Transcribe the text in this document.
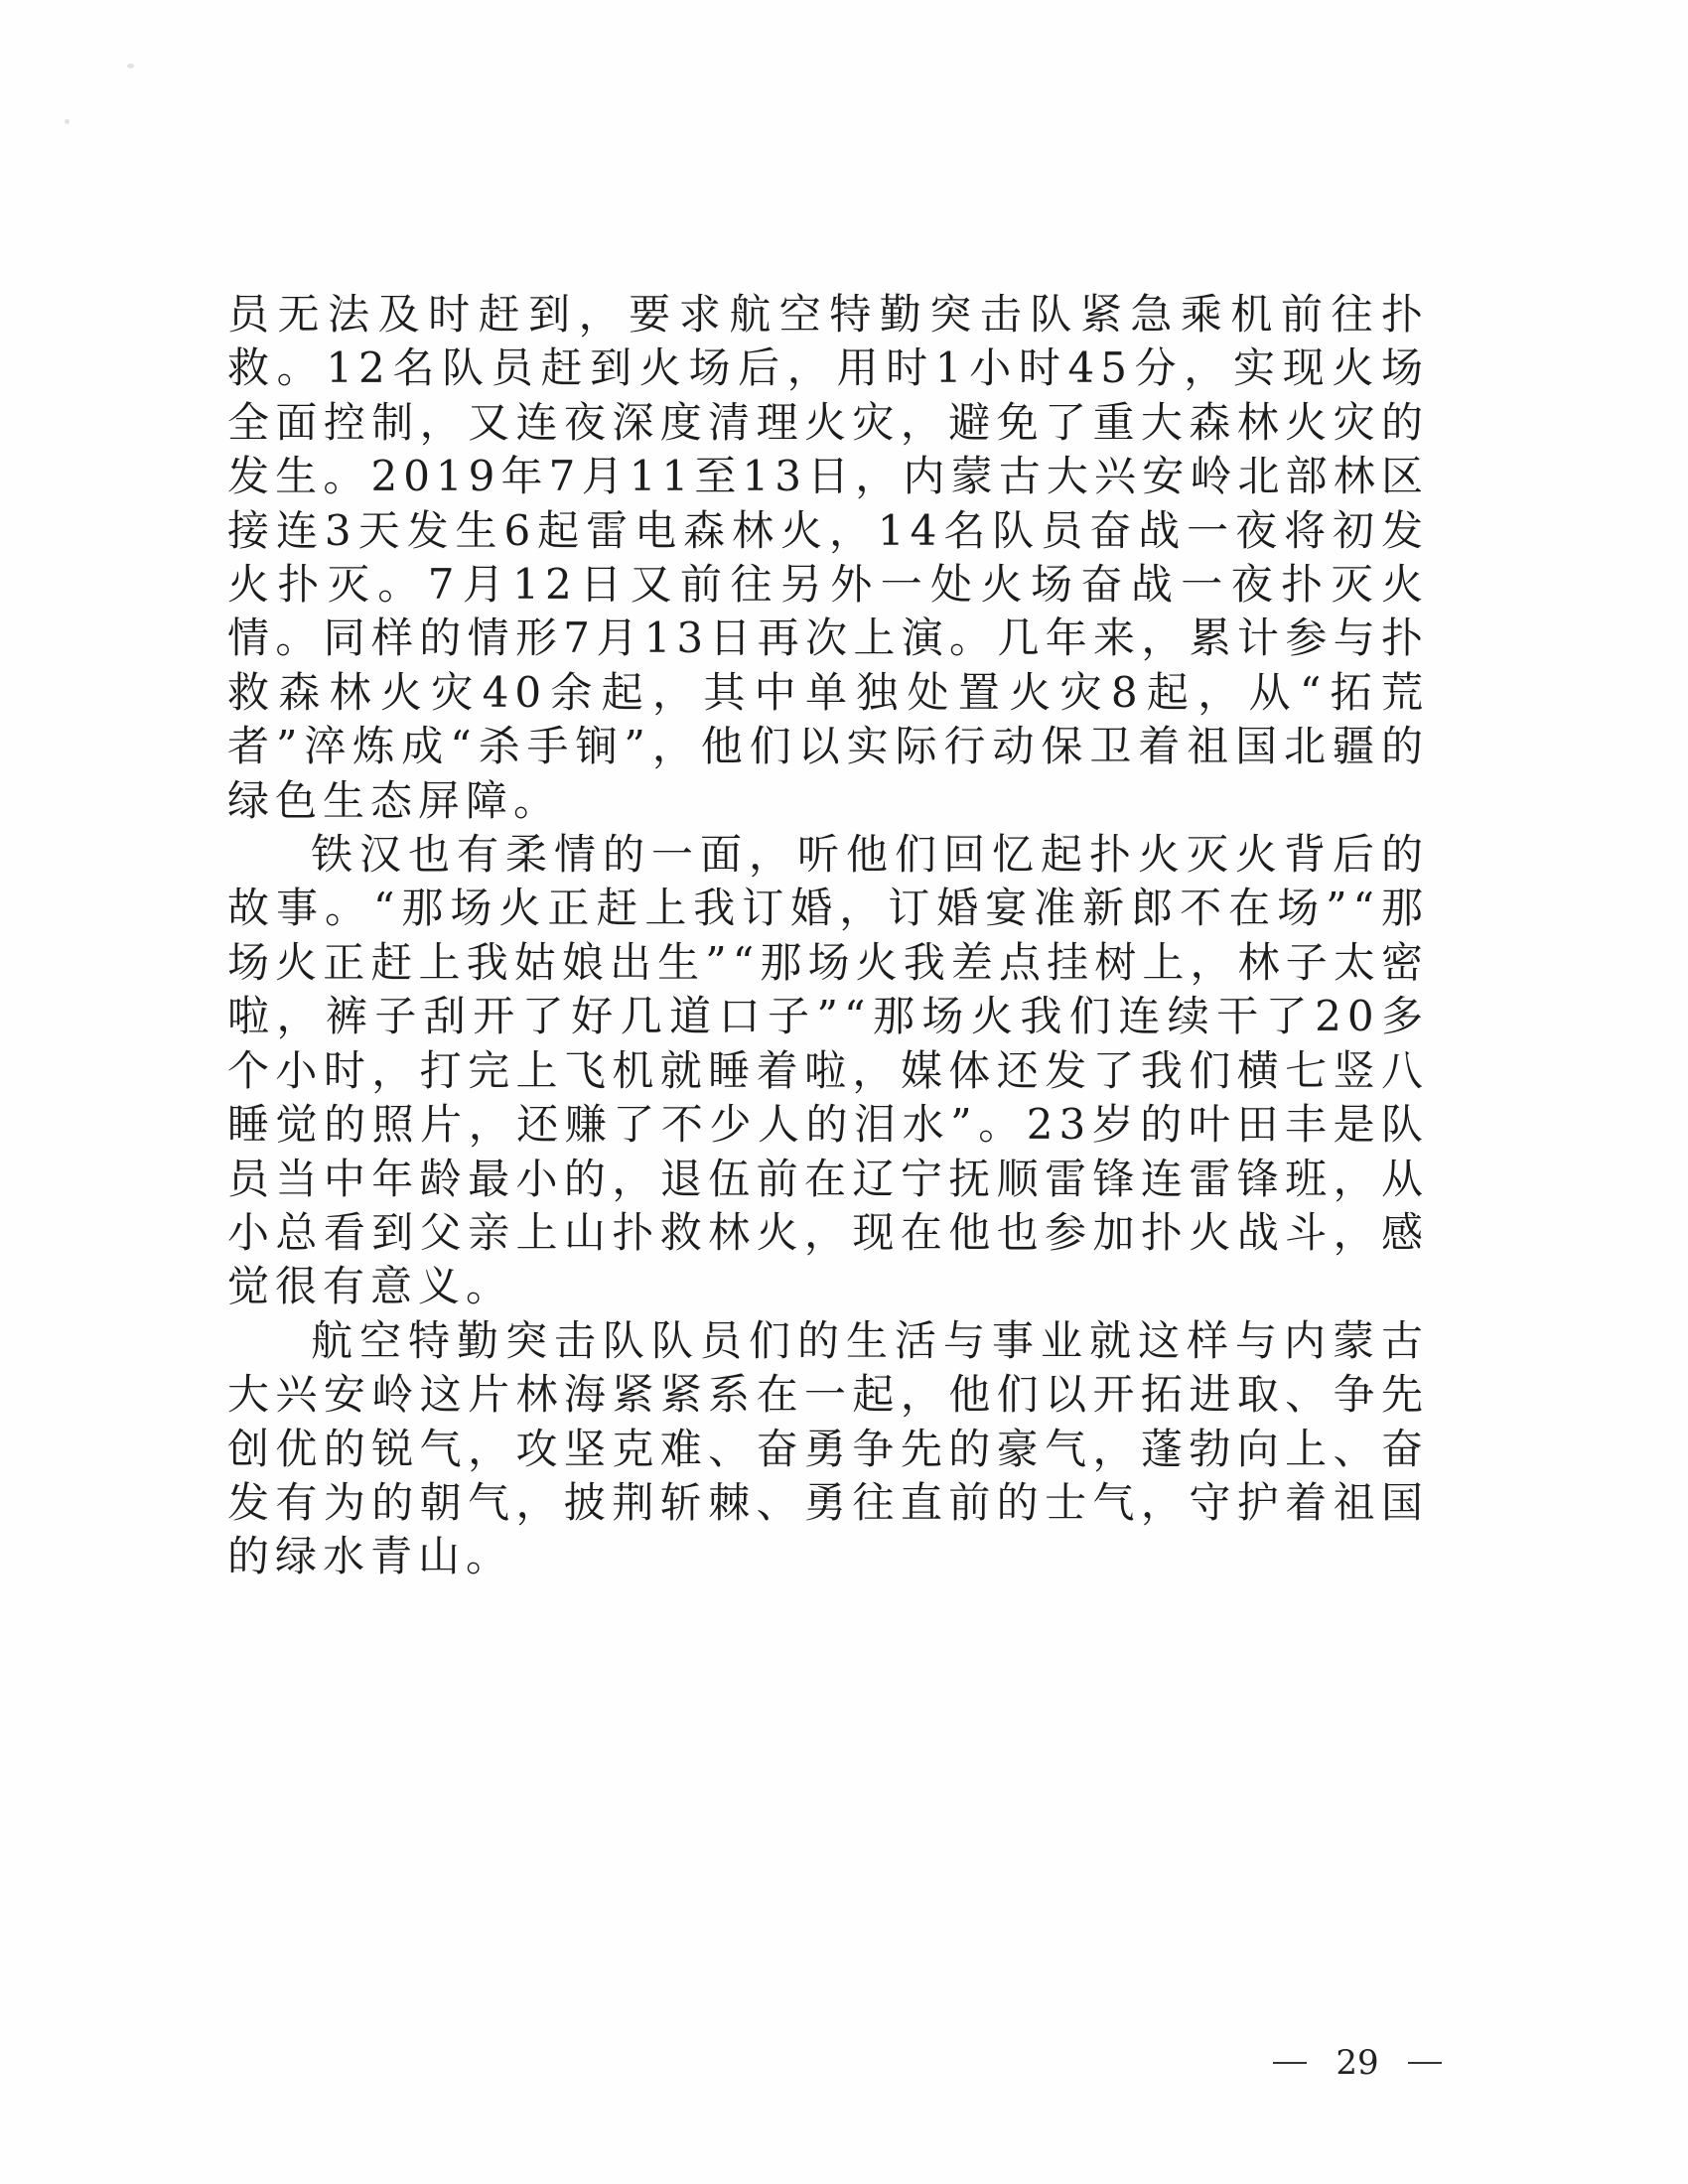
员无法及时赶到，要求航空特勤突击队紧急乘机前往扑救。12名队员赶到火场后，用时1小时45分，实现火场全面控制，又连夜深度清理火灾，避免了重大森林火灾的发生。2019年7月11至13日，内蒙古大兴安岭北部林区接连3天发生6起雷电森林火，14名队员奋战一夜将初发火扑灭。7月12日又前往另外一处火场奋战一夜扑灭火情。同样的情形7月13日再次上演。几年来，累计参与扑救森林火灾40余起，其中单独处置火灾8起，从“拓荒者”淬炼成“杀手锏”，他们以实际行动保卫着祖国北疆的绿色生态屏障。

铁汉也有柔情的一面，听他们回忆起扑火灭火背后的故事。“那场火正赶上我订婚，订婚宴准新郎不在场”“那场火正赶上我姑娘出生”“那场火我差点挂树上，林子太密啦，裤子刮开了好几道口子”“那场火我们连续干了20多个小时，打完上飞机就睡着啦，媒体还发了我们横七竖八睡觉的照片，还赚了不少人的泪水”。23岁的叶田丰是队员当中年龄最小的，退伍前在辽宁抚顺雷锋连雷锋班，从小总看到父亲上山扑救林火，现在他也参加扑火战斗，感觉很有意义。

航空特勤突击队队员们的生活与事业就这样与内蒙古大兴安岭这片林海紧紧系在一起，他们以开拓进取、争先创优的锐气，攻坚克难、奋勇争先的豪气，蓬勃向上、奋发有为的朝气，披荆斩棘、勇往直前的士气，守护着祖国的绿水青山。

29
